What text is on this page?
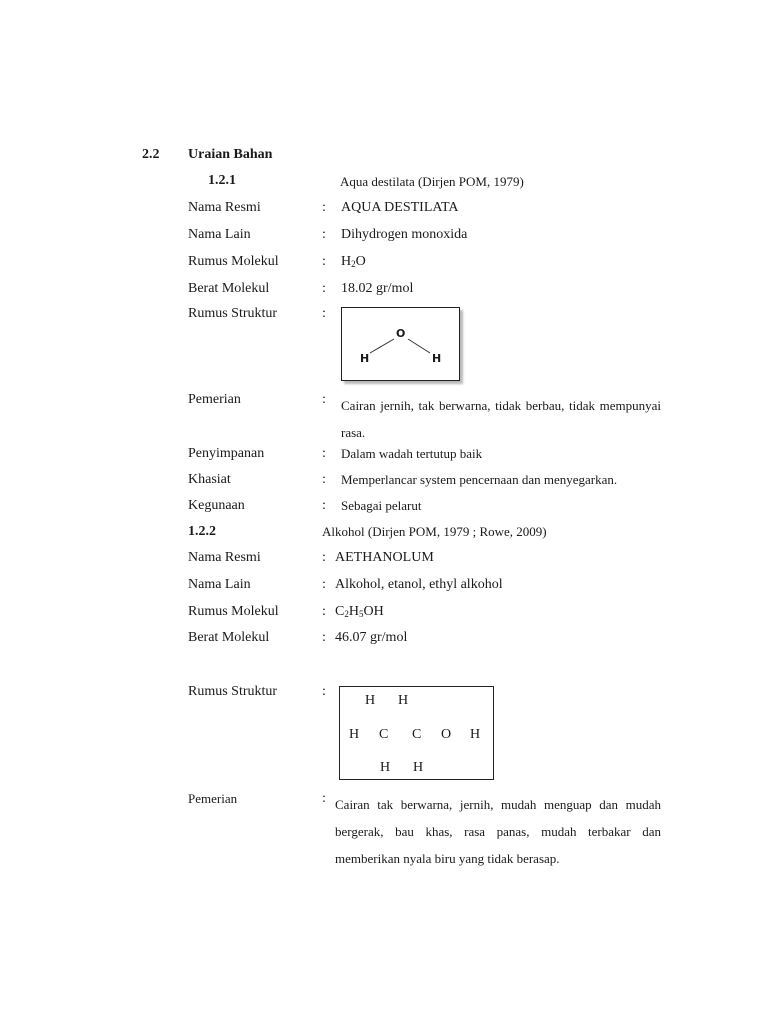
2.2 Uraian Bahan
1.2.1	Aqua destilata (Dirjen POM, 1979)
Nama Resmi	: AQUA DESTILATA
Nama Lain	: Dihydrogen monoxida
Rumus Molekul	: $H_2O$
Berat Molekul	: 18.02 gr/mol
Rumus Struktur	:
O
H	H
Pemerian	: Cairan jernih, tak berwarna, tidak berbau, tidak mempunyai rasa.
Penyimpanan	: Dalam wadah tertutup baik
Khasiat	: Memperlancar system pencernaan dan menyegarkan.
Kegunaan	: Sebagai pelarut
1.2.2	Alkohol (Dirjen POM, 1979 ; Rowe, 2009)
Nama Resmi	: AETHANOLUM
Nama Lain	: Alkohol, etanol, ethyl alkohol
Rumus Molekul	: $C_2H_5OH$
Berat Molekul	: 46.07 gr/mol
Rumus Struktur	:
H H
H C C O H
H H
Pemerian	: Cairan tak berwarna, jernih, mudah menguap dan mudah bergerak, bau khas, rasa panas, mudah terbakar dan memberikan nyala biru yang tidak berasap.
